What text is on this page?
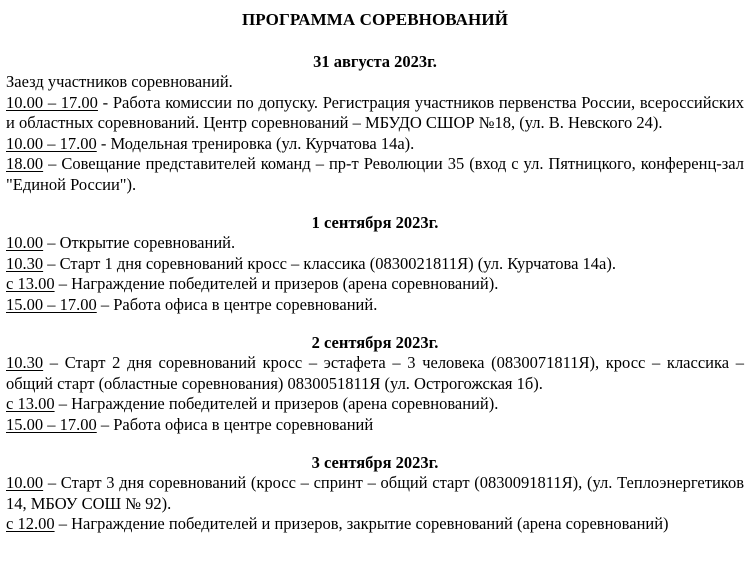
ПРОГРАММА СОРЕВНОВАНИЙ
31 августа 2023г.

Заезд участников соревнований.

10.00 – 17.00 - Работа комиссии по допуску. Регистрация участников первенства России, всероссийских и областных соревнований. Центр соревнований – МБУДО СШОР №18, (ул. В. Невского 24).

10.00 – 17.00 - Модельная тренировка (ул. Курчатова 14а).

18.00 – Совещание представителей команд – пр-т Революции 35 (вход с ул. Пятницкого, конференц-зал "Единой России").

1 сентября 2023г.

10.00 – Открытие соревнований.

10.30 – Старт 1 дня соревнований кросс – классика (0830021811Я) (ул. Курчатова 14а).

с 13.00 – Награждение победителей и призеров (арена соревнований).

15.00 – 17.00 – Работа офиса в центре соревнований.

2 сентября 2023г.

10.30 – Старт 2 дня соревнований кросс – эстафета – 3 человека (0830071811Я), кросс – классика – общий старт (областные соревнования) 0830051811Я (ул. Острогожская 1б).

с 13.00 – Награждение победителей и призеров (арена соревнований).

15.00 – 17.00 – Работа офиса в центре соревнований

3 сентября 2023г.

10.00 – Старт 3 дня соревнований (кросс – спринт – общий старт (0830091811Я), (ул. Теплоэнергетиков 14, МБОУ СОШ № 92).

с 12.00 – Награждение победителей и призеров, закрытие соревнований (арена соревнований)
